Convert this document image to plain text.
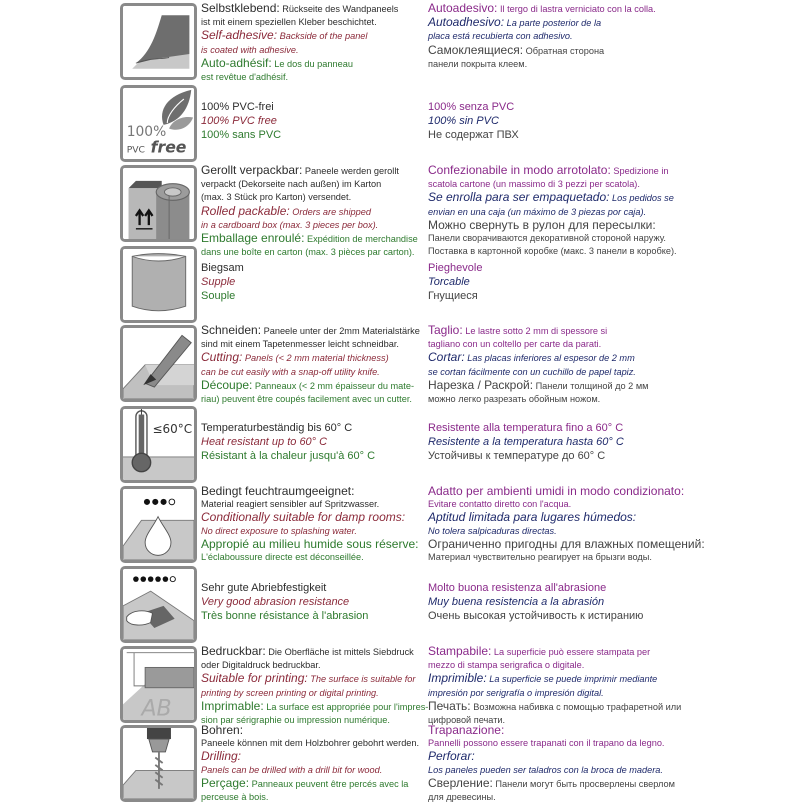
Selbstklebend: Rückseite des Wandpaneels
ist mit einem speziellen Kleber beschichtet.
Self-adhesive: Backside of the panel
is coated with adhesive.
Auto-adhésif: Le dos du panneau
est revêtue d'adhésif.
Autoadesivo: Il tergo di lastra verniciato con la colla.
Autoadhesivo: La parte posterior de la
placa está recubierta con adhesivo.
Самоклеящиеся: Обратная сторона
панели покрыта клеем.
100%
PVC free
100% PVC-frei
100% PVC free
100% sans PVC
100% senza PVC
100% sin PVC
Не содержат ПВХ
Gerollt verpackbar: Paneele werden gerollt
verpackt (Dekorseite nach außen) im Karton
(max. 3 Stück pro Karton) versendet.
Rolled packable: Orders are shipped
in a cardboard box (max. 3 pieces per box).
Emballage enroulé: Expédition de merchandise
dans une boîte en carton (max. 3 pièces par carton).
Confezionabile in modo arrotolato: Spedizione in
scatola cartone (un massimo di 3 pezzi per scatola).
Se enrolla para ser empaquetado: Los pedidos se
envian en una caja (un máximo de 3 piezas por caja).
Можно свернуть в рулон для пересылки:
Панели сворачиваются декоративной стороной наружу.
Поставка в картонной коробке (макс. 3 панели в коробке).
Biegsam
Supple
Souple
Pieghevole
Torcable
Гнущиеся
Schneiden: Paneele unter der 2mm Materialstärke
sind mit einem Tapetenmesser leicht schneidbar.
Cutting: Panels (< 2 mm material thickness)
can be cut easily with a snap-off utility knife.
Découpe: Panneaux (< 2 mm épaisseur du mate-
riau) peuvent être coupés facilement avec un cutter.
Taglio: Le lastre sotto 2 mm di spessore si
tagliano con un coltello per carte da parati.
Cortar: Las placas inferiores al espesor de 2 mm
se cortan fácilmente con un cuchillo de papel tapiz.
Нарезка / Раскрой: Панели толщиной до 2 мм
можно легко разрезать обойным ножом.
≤60°C Temperaturbeständig bis 60° C
Heat resistant up to 60° C
Résistant à la chaleur jusqu'à 60° C
Resistente alla temperatura fino a 60° C
Resistente a la temperatura hasta 60° C
Устойчивы к температуре до 60° C
Bedingt feuchtraumgeeignet:
Material reagiert sensibler auf Spritzwasser.
Conditionally suitable for damp rooms:
No direct exposure to splashing water.
Appropié au milieu humide sous réserve:
L'éclaboussure directe est déconseillée.
Adatto per ambienti umidi in modo condizionato:
Evitare contatto diretto con l'acqua.
Aptitud limitada para lugares húmedos:
No tolera salpicaduras directas.
Ограниченно пригодны для влажных помещений:
Материал чувствительно реагирует на брызги воды.
Sehr gute Abriebfestigkeit
Very good abrasion resistance
Très bonne résistance à l'abrasion
Molto buona resistenza all'abrasione
Muy buena resistencia a la abrasión
Очень высокая устойчивость к истиранию
AB
Bedruckbar: Die Oberfläche ist mittels Siebdruck
oder Digitaldruck bedruckbar.
Suitable for printing: The surface is suitable for
printing by screen printing or digital printing.
Imprimable: La surface est appropriée pour l'impres-
sion par sérigraphie ou impression numérique.
Stampabile: La superficie può essere stampata per
mezzo di stampa serigrafica o digitale.
Imprimible: La superficie se puede imprimir mediante
impresión por serigrafía o impresión digital.
Печать: Возможна набивка с помощью трафаретной или
цифровой печати.
Bohren:
Paneele können mit dem Holzbohrer gebohrt werden.
Drilling:
Panels can be drilled with a drill bit for wood.
Perçage: Panneaux peuvent être percés avec la
perceuse à bois.
Trapanazione:
Pannelli possono essere trapanati con il trapano da legno.
Perforar:
Los paneles pueden ser taladros con la broca de madera.
Сверление: Панели могут быть просверлены сверлом
для древесины.
